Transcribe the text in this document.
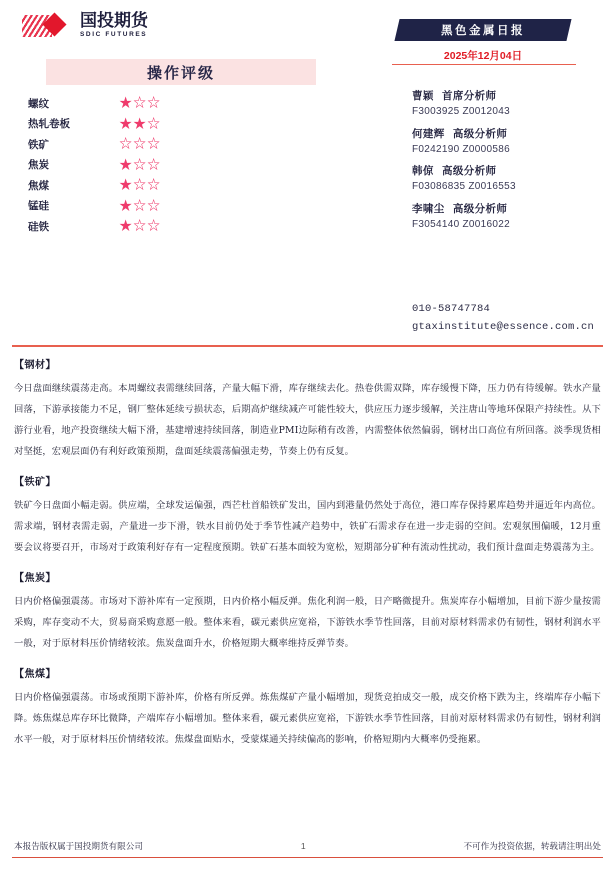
国投期货
SDIC FUTURES
操作评级
螺纹	★☆☆
热轧卷板	★★☆
铁矿	☆☆☆
焦炭	★☆☆
焦煤	★☆☆
锰硅	★☆☆
硅铁	★☆☆
黑色金属日报
2025年12月04日
曹颖 首席分析师
F3003925 Z0012043
何建辉 高级分析师
F0242190 Z0000586
韩倞 高级分析师
F03086835 Z0016553
李啸尘 高级分析师
F3054140 Z0016022
010-58747784
gtaxinstitute@essence.com.cn
【钢材】
今日盘面继续震荡走高。本周螺纹表需继续回落，产量大幅下滑，库存继续去化。热卷供需双降，库存缓慢下降，压力仍有待缓解。铁水产量回落，下游承接能力不足，钢厂整体延续亏损状态，后期高炉继续减产可能性较大，供应压力逐步缓解，关注唐山等地环保限产持续性。从下游行业看，地产投资继续大幅下滑，基建增速持续回落，制造业PMI边际稍有改善，内需整体依然偏弱，钢材出口高位有所回落。淡季现货相对坚挺，宏观层面仍有利好政策预期，盘面延续震荡偏强走势，节奏上仍有反复。
【铁矿】
铁矿今日盘面小幅走弱。供应端，全球发运偏强，西芒杜首船铁矿发出，国内到港量仍然处于高位，港口库存保持累库趋势并逼近年内高位。需求端，钢材表需走弱，产量进一步下滑，铁水目前仍处于季节性减产趋势中，铁矿石需求存在进一步走弱的空间。宏观氛围偏暖，12月重要会议将要召开，市场对于政策利好存有一定程度预期。铁矿石基本面较为宽松，短期部分矿种有流动性扰动，我们预计盘面走势震荡为主。
【焦炭】
日内价格偏强震荡。市场对下游补库有一定预期，日内价格小幅反弹。焦化利润一般，日产略微提升。焦炭库存小幅增加，目前下游少量按需采购，库存变动不大，贸易商采购意愿一般。整体来看，碳元素供应宽裕，下游铁水季节性回落，目前对原材料需求仍有韧性，钢材利润水平一般，对于原材料压价情绪较浓。焦炭盘面升水，价格短期大概率维持反弹节奏。
【焦煤】
日内价格偏强震荡。市场或预期下游补库，价格有所反弹。炼焦煤矿产量小幅增加，现货竞拍成交一般，成交价格下跌为主，终端库存小幅下降。炼焦煤总库存环比微降，产端库存小幅增加。整体来看，碳元素供应宽裕，下游铁水季节性回落，目前对原材料需求仍有韧性，钢材利润水平一般，对于原材料压价情绪较浓。焦煤盘面贴水，受蒙煤通关持续偏高的影响，价格短期内大概率仍受拖累。
本报告版权属于国投期货有限公司	1	不可作为投资依据，转载请注明出处
